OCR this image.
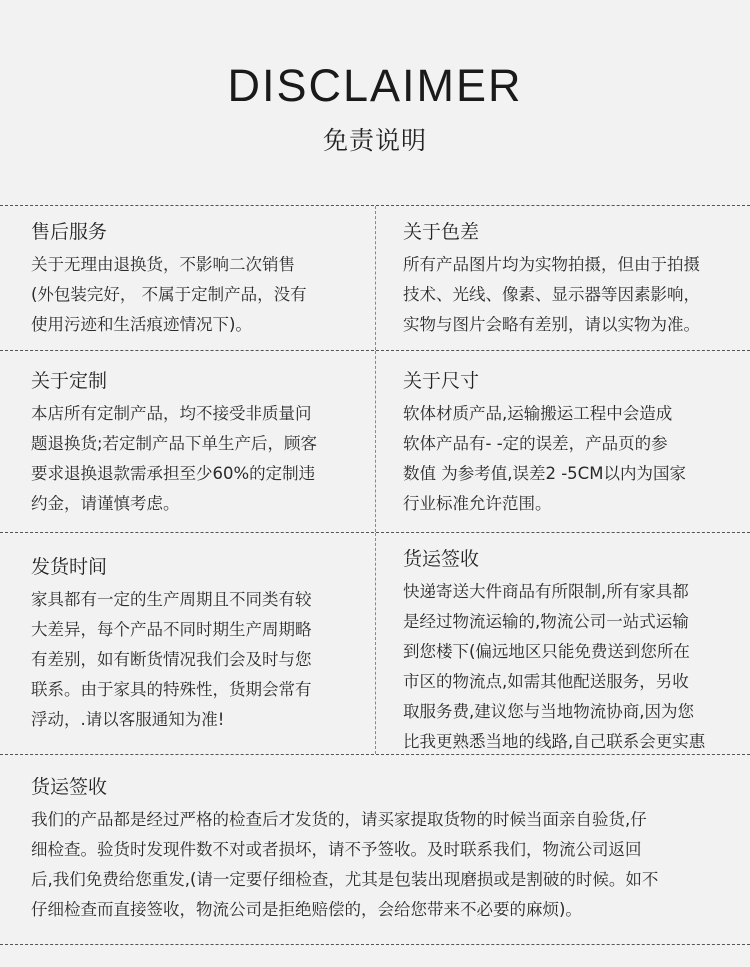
DISCLAIMER
免责说明
售后服务
关于无理由退换货，不影响二次销售
(外包装完好， 不属于定制产品，没有
使用污迹和生活痕迹情况下)。
关于色差
所有产品图片均为实物拍摄，但由于拍摄
技术、光线、像素、显示器等因素影响，
实物与图片会略有差别，请以实物为准。
关于定制
本店所有定制产品，均不接受非质量问
题退换货;若定制产品下单生产后，顾客
要求退换退款需承担至少60%的定制违
约金，请谨慎考虑。
关于尺寸
软体材质产品,运输搬运工程中会造成
软体产品有- -定的误差，产品页的参
数值 为参考值,误差2 -5CM以内为国家
行业标准允许范围。
发货时间
家具都有一定的生产周期且不同类有较
大差异，每个产品不同时期生产周期略
有差别，如有断货情况我们会及时与您
联系。由于家具的特殊性，货期会常有
浮动，.请以客服通知为准!
货运签收
快递寄送大件商品有所限制,所有家具都
是经过物流运输的,物流公司一站式运输
到您楼下(偏远地区只能免费送到您所在
市区的物流点,如需其他配送服务，另收
取服务费,建议您与当地物流协商,因为您
比我更熟悉当地的线路,自己联系会更实惠
货运签收
我们的产品都是经过严格的检查后才发货的，请买家提取货物的时候当面亲自验货,仔
细检查。验货时发现件数不对或者损坏，请不予签收。及时联系我们，物流公司返回
后,我们免费给您重发,(请一定要仔细检查，尤其是包装出现磨损或是割破的时候。如不
仔细检查而直接签收，物流公司是拒绝赔偿的，会给您带来不必要的麻烦)。
